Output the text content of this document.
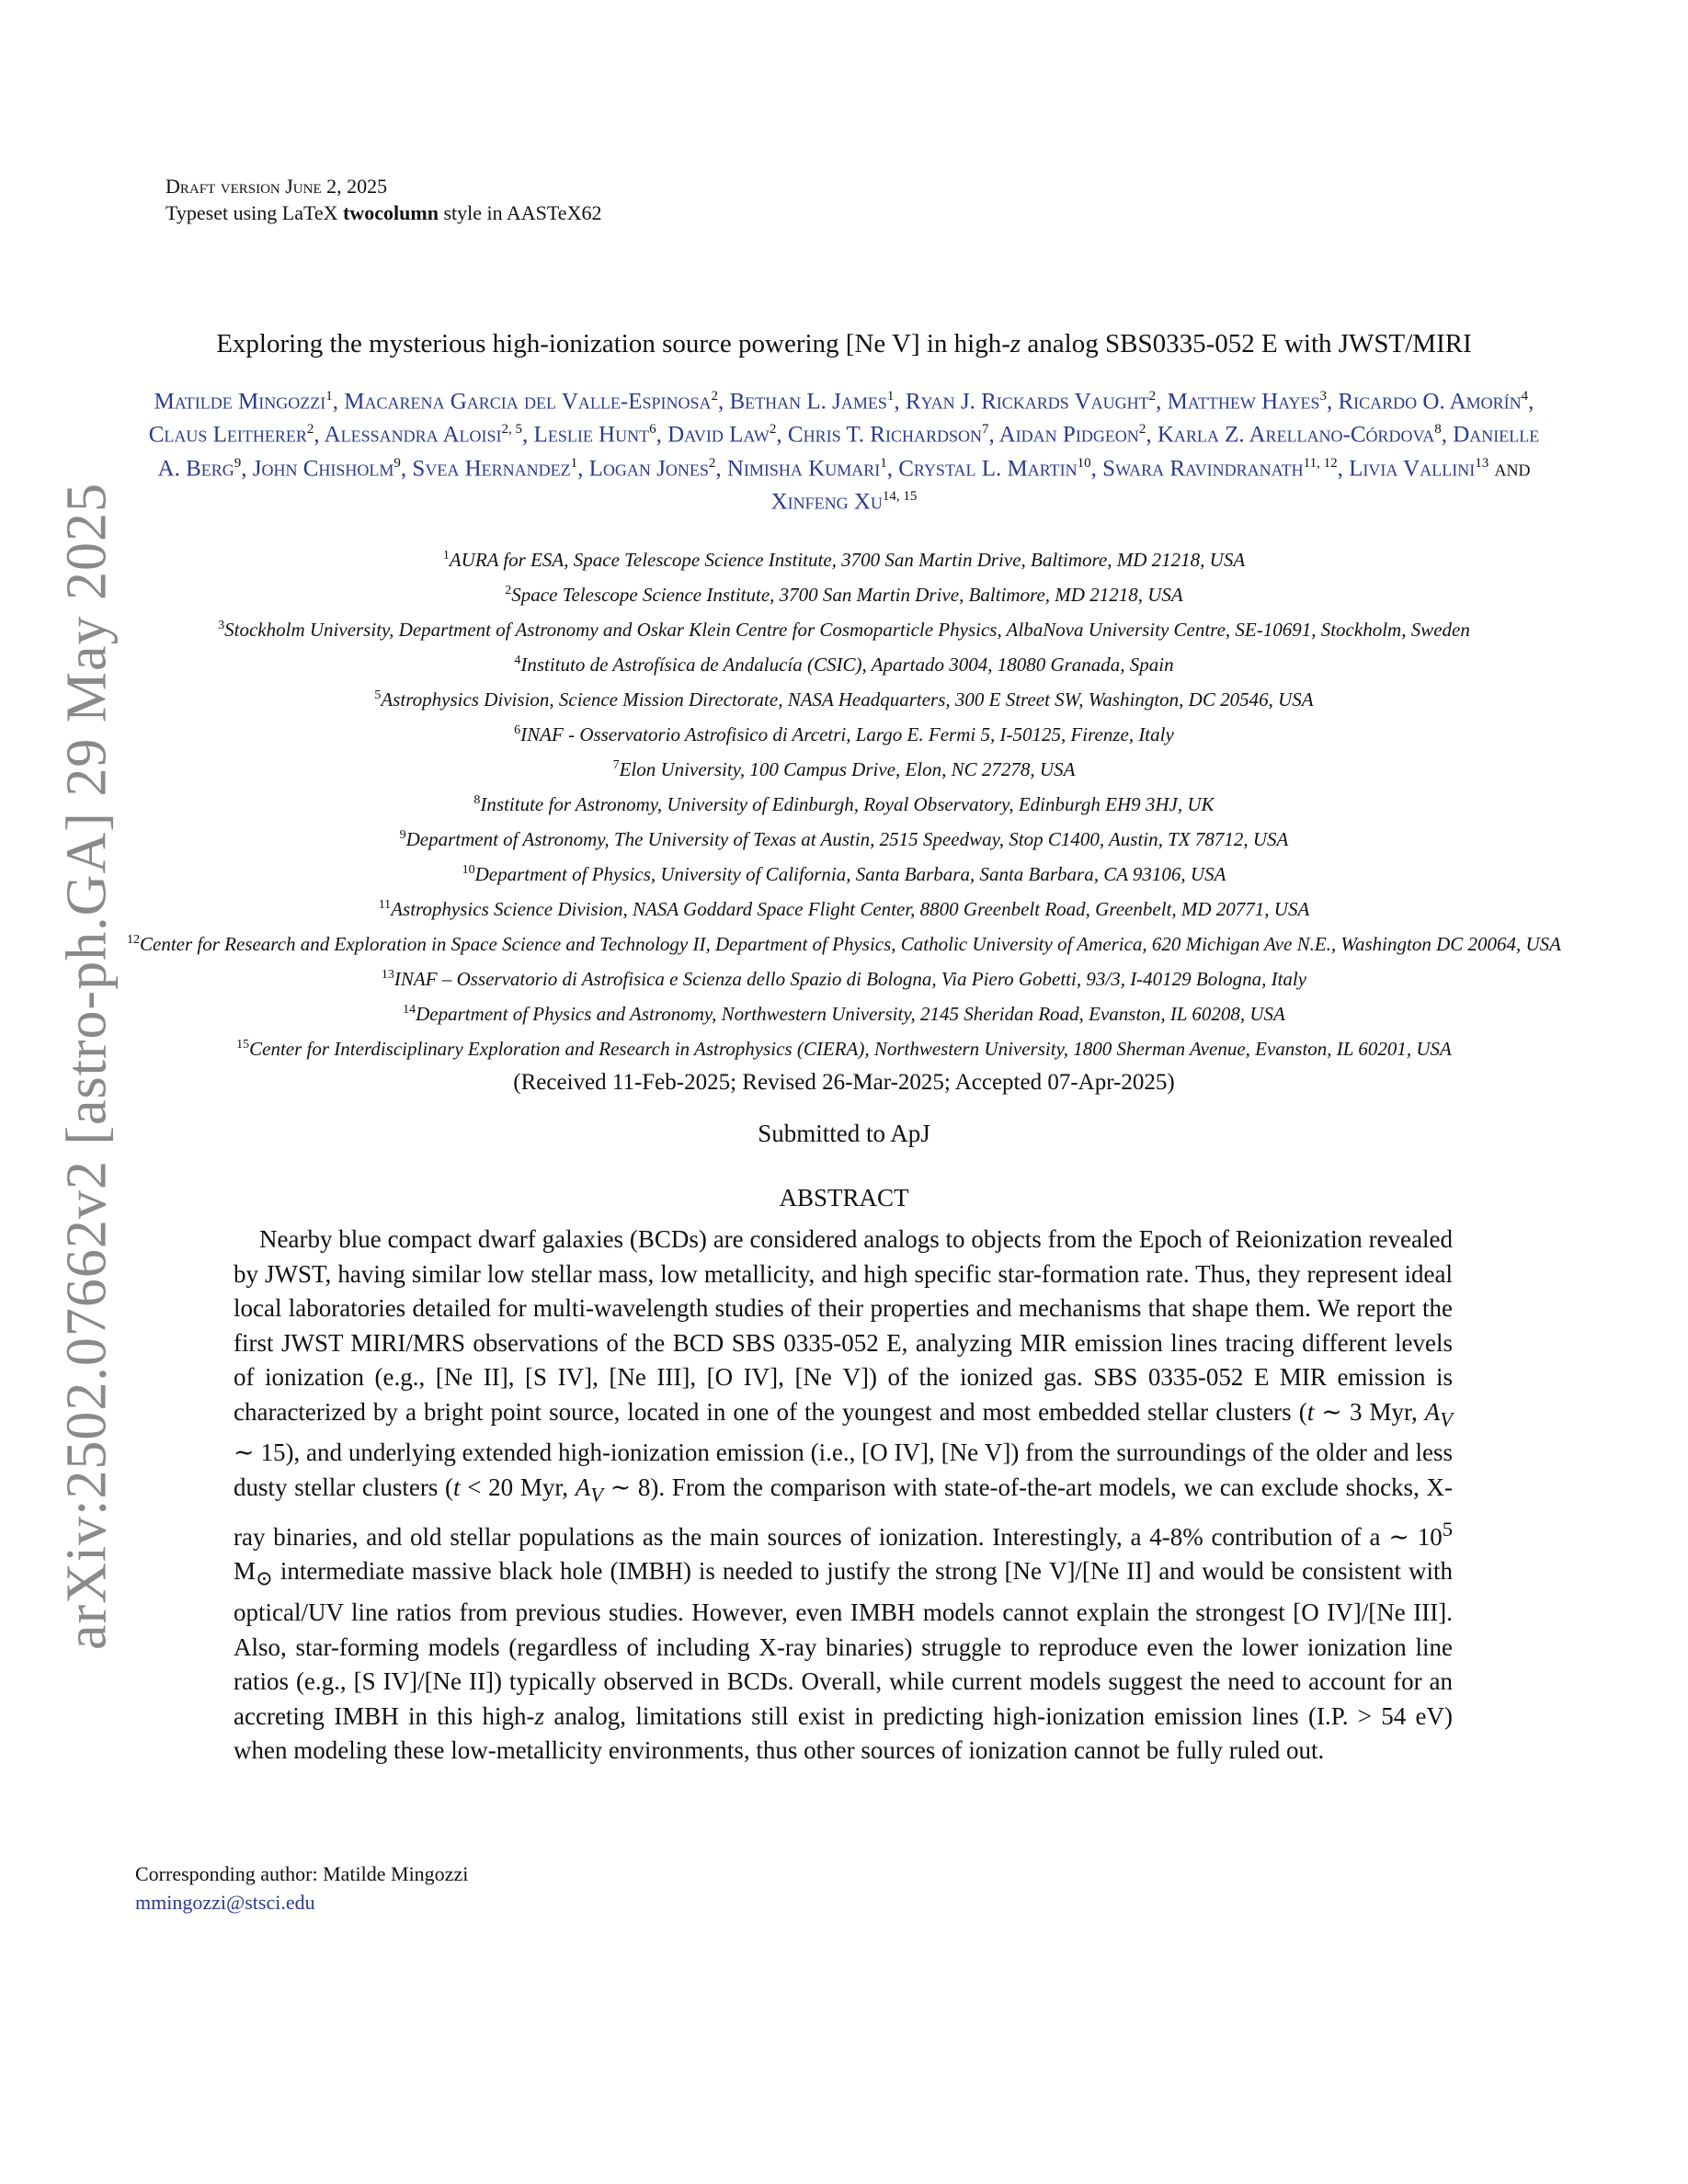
arXiv:2502.07662v2 [astro-ph.GA] 29 May 2025
Draft version June 2, 2025
Typeset using LaTeX twocolumn style in AASTeX62
Exploring the mysterious high-ionization source powering [Ne V] in high-z analog SBS0335-052 E with JWST/MIRI
Matilde Mingozzi$^1$, Macarena Garcia del Valle-Espinosa$^2$, Bethan L. James$^1$, Ryan J. Rickards Vaught$^2$, Matthew Hayes$^3$, Ricardo O. Amorín$^4$, Claus Leitherer$^2$, Alessandra Aloisi$^{2, 5}$, Leslie Hunt$^6$, David Law$^2$, Chris T. Richardson$^7$, Aidan Pidgeon$^2$, Karla Z. Arellano-Córdova$^8$, Danielle A. Berg$^9$, John Chisholm$^9$, Svea Hernandez$^1$, Logan Jones$^2$, Nimisha Kumari$^1$, Crystal L. Martin$^{10}$, Swara Ravindranath$^{11, 12}$, Livia Vallini$^{13}$ and Xinfeng Xu$^{14, 15}$
$^1$AURA for ESA, Space Telescope Science Institute, 3700 San Martin Drive, Baltimore, MD 21218, USA
$^2$Space Telescope Science Institute, 3700 San Martin Drive, Baltimore, MD 21218, USA
$^3$Stockholm University, Department of Astronomy and Oskar Klein Centre for Cosmoparticle Physics, AlbaNova University Centre, SE-10691, Stockholm, Sweden
$^4$Instituto de Astrofísica de Andalucía (CSIC), Apartado 3004, 18080 Granada, Spain
$^5$Astrophysics Division, Science Mission Directorate, NASA Headquarters, 300 E Street SW, Washington, DC 20546, USA
$^6$INAF - Osservatorio Astrofisico di Arcetri, Largo E. Fermi 5, I-50125, Firenze, Italy
$^7$Elon University, 100 Campus Drive, Elon, NC 27278, USA
$^8$Institute for Astronomy, University of Edinburgh, Royal Observatory, Edinburgh EH9 3HJ, UK
$^9$Department of Astronomy, The University of Texas at Austin, 2515 Speedway, Stop C1400, Austin, TX 78712, USA
$^{10}$Department of Physics, University of California, Santa Barbara, Santa Barbara, CA 93106, USA
$^{11}$Astrophysics Science Division, NASA Goddard Space Flight Center, 8800 Greenbelt Road, Greenbelt, MD 20771, USA
$^{12}$Center for Research and Exploration in Space Science and Technology II, Department of Physics, Catholic University of America, 620 Michigan Ave N.E., Washington DC 20064, USA
$^{13}$INAF – Osservatorio di Astrofisica e Scienza dello Spazio di Bologna, Via Piero Gobetti, 93/3, I-40129 Bologna, Italy
$^{14}$Department of Physics and Astronomy, Northwestern University, 2145 Sheridan Road, Evanston, IL 60208, USA
$^{15}$Center for Interdisciplinary Exploration and Research in Astrophysics (CIERA), Northwestern University, 1800 Sherman Avenue, Evanston, IL 60201, USA
(Received 11-Feb-2025; Revised 26-Mar-2025; Accepted 07-Apr-2025)
Submitted to ApJ
ABSTRACT
Nearby blue compact dwarf galaxies (BCDs) are considered analogs to objects from the Epoch of Reionization revealed by JWST, having similar low stellar mass, low metallicity, and high specific star-formation rate. Thus, they represent ideal local laboratories detailed for multi-wavelength studies of their properties and mechanisms that shape them. We report the first JWST MIRI/MRS observations of the BCD SBS 0335-052 E, analyzing MIR emission lines tracing different levels of ionization (e.g., [Ne II], [S IV], [Ne III], [O IV], [Ne V]) of the ionized gas. SBS 0335-052 E MIR emission is characterized by a bright point source, located in one of the youngest and most embedded stellar clusters (t ∼ 3 Myr, $A_V$ ∼ 15), and underlying extended high-ionization emission (i.e., [O IV], [Ne V]) from the surroundings of the older and less dusty stellar clusters (t < 20 Myr, $A_V$ ∼ 8). From the comparison with state-of-the-art models, we can exclude shocks, X-ray binaries, and old stellar populations as the main sources of ionization. Interestingly, a 4-8% contribution of a ∼ $10^5$ $M_⊙$ intermediate massive black hole (IMBH) is needed to justify the strong [Ne V]/[Ne II] and would be consistent with optical/UV line ratios from previous studies. However, even IMBH models cannot explain the strongest [O IV]/[Ne III]. Also, star-forming models (regardless of including X-ray binaries) struggle to reproduce even the lower ionization line ratios (e.g., [S IV]/[Ne II]) typically observed in BCDs. Overall, while current models suggest the need to account for an accreting IMBH in this high-z analog, limitations still exist in predicting high-ionization emission lines (I.P. > 54 eV) when modeling these low-metallicity environments, thus other sources of ionization cannot be fully ruled out.
Corresponding author: Matilde Mingozzi
mmingozzi@stsci.edu
